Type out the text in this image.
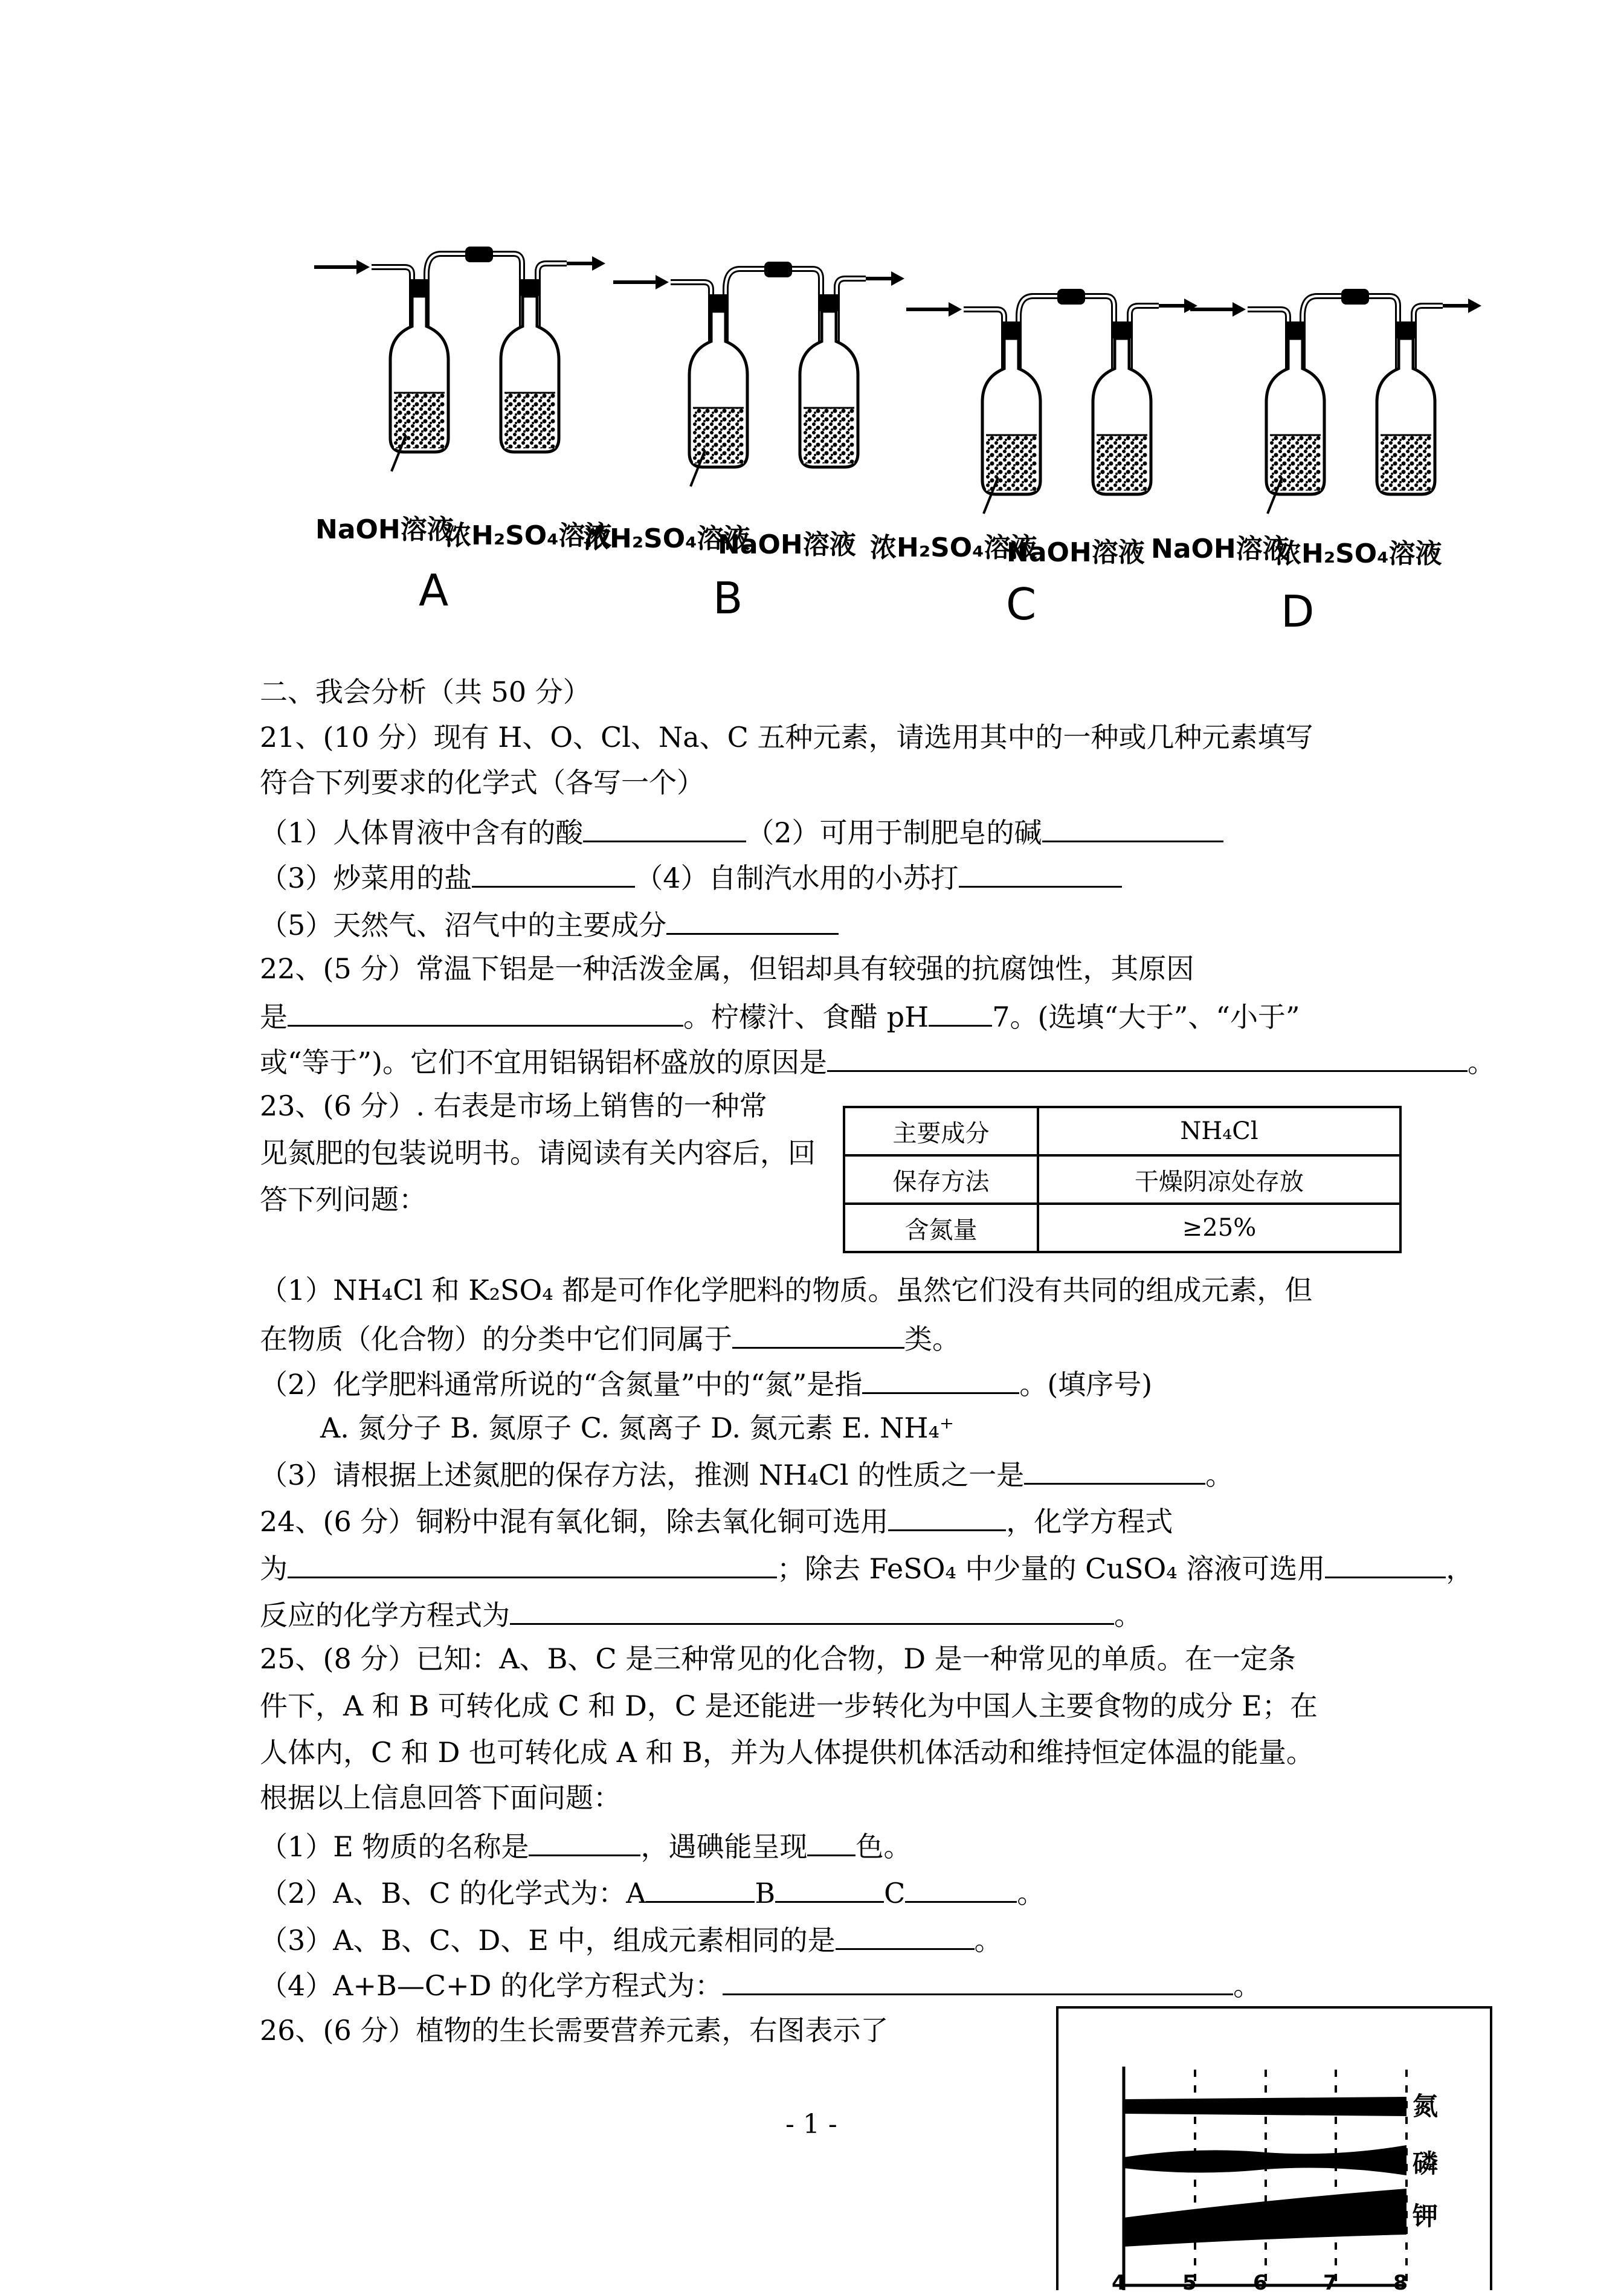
NaOH溶液
浓H₂SO₄溶液
A
浓H₂SO₄溶液
NaOH溶液
B
浓H₂SO₄溶液
NaOH溶液
C
NaOH溶液
浓H₂SO₄溶液
D
二、我会分析（共 50 分）
21、(10 分）现有 H、O、Cl、Na、C 五种元素，请选用其中的一种或几种元素填写
符合下列要求的化学式（各写一个）
（1）人体胃液中含有的酸	（2）可用于制肥皂的碱
（3）炒菜用的盐	（4）自制汽水用的小苏打
（5）天然气、沼气中的主要成分
22、(5 分）常温下铝是一种活泼金属，但铝却具有较强的抗腐蚀性，其原因
是	。柠檬汁、食醋 pH 7。(选填“大于”、“小于”
或“等于”)。它们不宜用铝锅铝杯盛放的原因是	。
23、(6 分）. 右表是市场上销售的一种常
见氮肥的包装说明书。请阅读有关内容后，回
答下列问题：
主要成分	NH₄Cl
保存方法	干燥阴凉处存放
含氮量	≥25%
（1）NH₄Cl 和 K₂SO₄ 都是可作化学肥料的物质。虽然它们没有共同的组成元素，但
在物质（化合物）的分类中它们同属于	类。
（2）化学肥料通常所说的“含氮量”中的“氮”是指	。(填序号)
A. 氮分子 B. 氮原子 C. 氮离子 D. 氮元素 E. NH₄⁺
（3）请根据上述氮肥的保存方法，推测 NH₄Cl 的性质之一是	。
24、(6 分）铜粉中混有氧化铜，除去氧化铜可选用	，化学方程式
为	；除去 FeSO₄ 中少量的 CuSO₄ 溶液可选用	，
反应的化学方程式为	。
25、(8 分）已知：A、B、C 是三种常见的化合物，D 是一种常见的单质。在一定条
件下，A 和 B 可转化成 C 和 D，C 是还能进一步转化为中国人主要食物的成分 E；在
人体内，C 和 D 也可转化成 A 和 B，并为人体提供机体活动和维持恒定体温的能量。
根据以上信息回答下面问题：
（1）E 物质的名称是	，遇碘能呈现 色。
（2）A、B、C 的化学式为：A	B	C	。
（3）A、B、C、D、E 中，组成元素相同的是	。
（4）A+B—C+D 的化学方程式为：	。
26、(6 分）植物的生长需要营养元素，右图表示了
氮
磷
钾
4	5	6	7	8
- 1 -
